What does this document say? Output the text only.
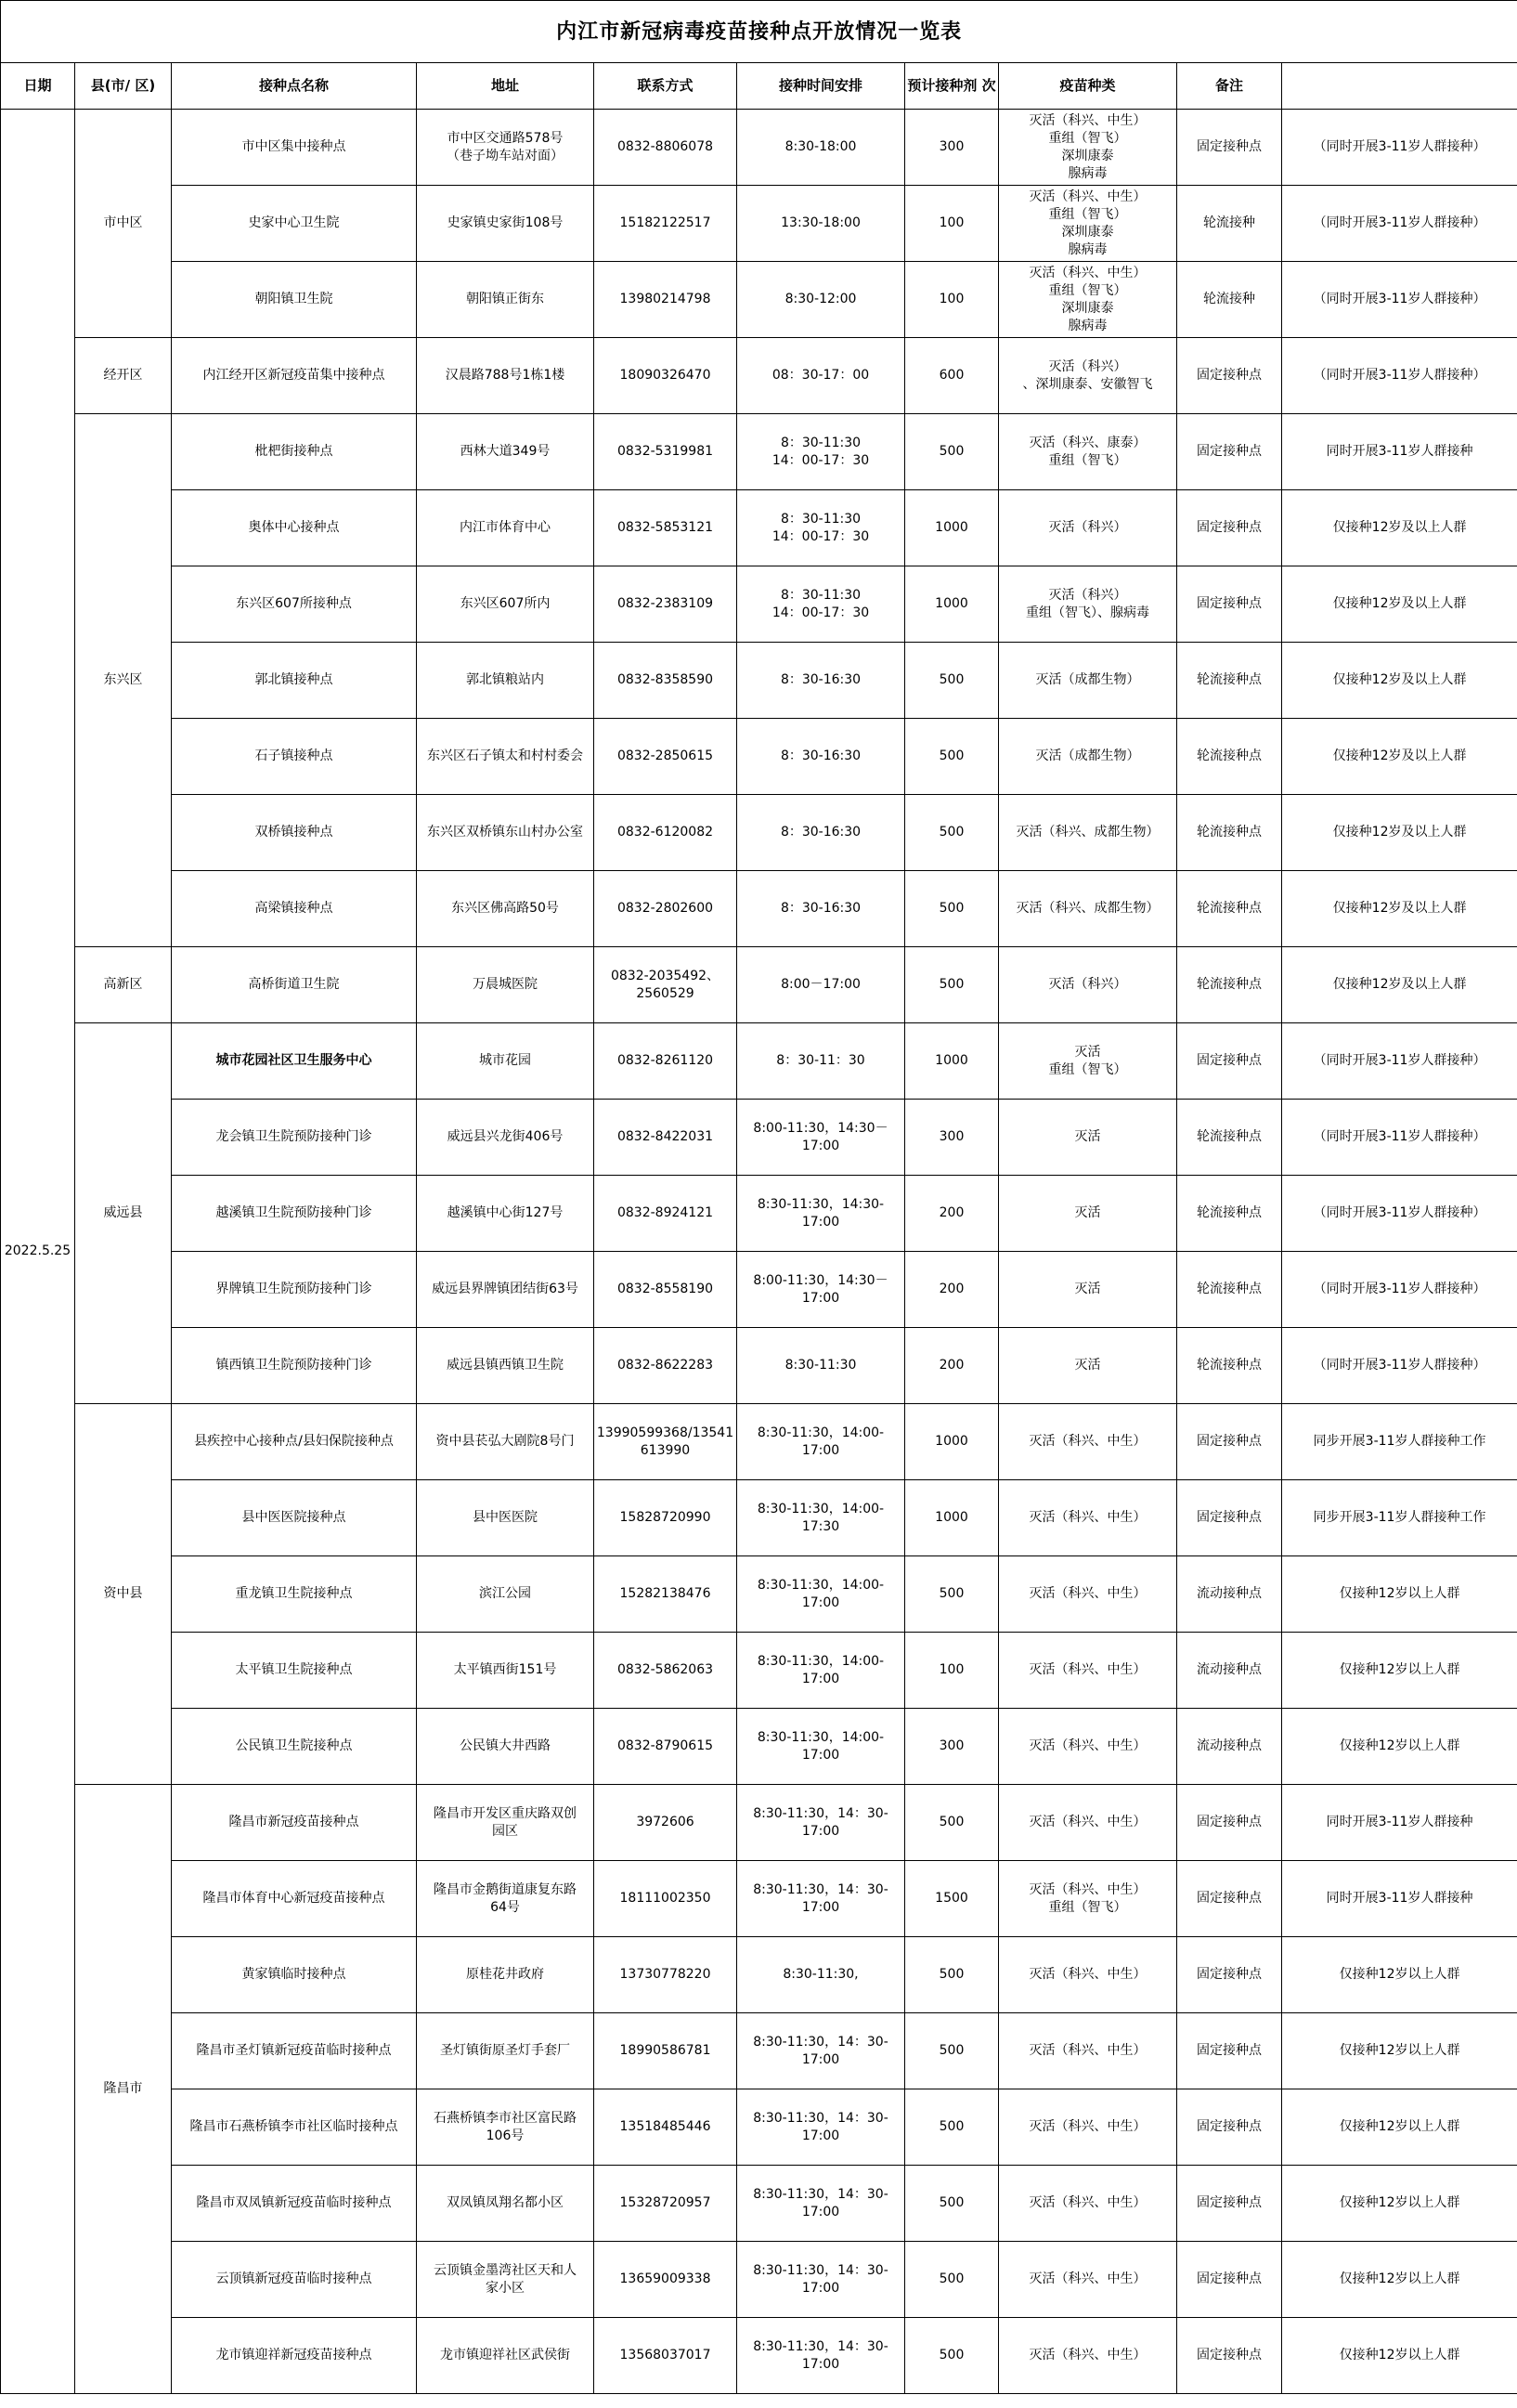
内江市新冠病毒疫苗接种点开放情况一览表									
日期	县(市/ 区)	接种点名称	地址	联系方式	接种时间安排	预计接种剂 次	疫苗种类	备注	
2022.5.25	市中区	市中区集中接种点	市中区交通路578号
（巷子坳车站对面）	0832-8806078	8:30-18:00	300	灭活（科兴、中生）
重组（智飞）
深圳康泰
腺病毒	固定接种点	（同时开展3-11岁人群接种）
		史家中心卫生院	史家镇史家街108号	15182122517	13:30-18:00	100	灭活（科兴、中生）
重组（智飞）
深圳康泰
腺病毒	轮流接种	（同时开展3-11岁人群接种）
		朝阳镇卫生院	朝阳镇正街东	13980214798	8:30-12:00	100	灭活（科兴、中生）
重组（智飞）
深圳康泰
腺病毒	轮流接种	（同时开展3-11岁人群接种）
	经开区	内江经开区新冠疫苗集中接种点	汉晨路788号1栋1楼	18090326470	08：30-17：00	600	灭活（科兴）
、深圳康泰、安徽智飞	固定接种点	（同时开展3-11岁人群接种）
	东兴区	枇杷街接种点	西林大道349号	0832-5319981	8：30-11:30
14：00-17：30	500	灭活（科兴、康泰）
重组（智飞）	固定接种点	同时开展3-11岁人群接种
		奥体中心接种点	内江市体育中心	0832-5853121	8：30-11:30
14：00-17：30	1000	灭活（科兴）	固定接种点	仅接种12岁及以上人群
		东兴区607所接种点	东兴区607所内	0832-2383109	8：30-11:30
14：00-17：30	1000	灭活（科兴）
重组（智飞）、腺病毒	固定接种点	仅接种12岁及以上人群
		郭北镇接种点	郭北镇粮站内	0832-8358590	8：30-16:30	500	灭活（成都生物）	轮流接种点	仅接种12岁及以上人群
		石子镇接种点	东兴区石子镇太和村村委会	0832-2850615	8：30-16:30	500	灭活（成都生物）	轮流接种点	仅接种12岁及以上人群
		双桥镇接种点	东兴区双桥镇东山村办公室	0832-6120082	8：30-16:30	500	灭活（科兴、成都生物）	轮流接种点	仅接种12岁及以上人群
		高梁镇接种点	东兴区佛高路50号	0832-2802600	8：30-16:30	500	灭活（科兴、成都生物）	轮流接种点	仅接种12岁及以上人群
	高新区	高桥街道卫生院	万晨城医院	0832-2035492、
2560529	8:00－17:00	500	灭活（科兴）	轮流接种点	仅接种12岁及以上人群
	威远县	城市花园社区卫生服务中心	城市花园	0832-8261120	8：30-11：30	1000	灭活
重组（智飞）	固定接种点	（同时开展3-11岁人群接种）
		龙会镇卫生院预防接种门诊	威远县兴龙街406号	0832-8422031	8:00-11:30，14:30－
17:00	300	灭活	轮流接种点	（同时开展3-11岁人群接种）
		越溪镇卫生院预防接种门诊	越溪镇中心街127号	0832-8924121	8:30-11:30，14:30-
17:00	200	灭活	轮流接种点	（同时开展3-11岁人群接种）
		界牌镇卫生院预防接种门诊	威远县界牌镇团结街63号	0832-8558190	8:00-11:30，14:30－
17:00	200	灭活	轮流接种点	（同时开展3-11岁人群接种）
		镇西镇卫生院预防接种门诊	威远县镇西镇卫生院	0832-8622283	8:30-11:30	200	灭活	轮流接种点	（同时开展3-11岁人群接种）
	资中县	县疾控中心接种点/县妇保院接种点	资中县苌弘大剧院8号门	13990599368/13541
613990	8:30-11:30，14:00-
17:00	1000	灭活（科兴、中生）	固定接种点	同步开展3-11岁人群接种工作
		县中医医院接种点	县中医医院	15828720990	8:30-11:30，14:00-
17:30	1000	灭活（科兴、中生）	固定接种点	同步开展3-11岁人群接种工作
		重龙镇卫生院接种点	滨江公园	15282138476	8:30-11:30，14:00-
17:00	500	灭活（科兴、中生）	流动接种点	仅接种12岁以上人群
		太平镇卫生院接种点	太平镇西街151号	0832-5862063	8:30-11:30，14:00-
17:00	100	灭活（科兴、中生）	流动接种点	仅接种12岁以上人群
		公民镇卫生院接种点	公民镇大井西路	0832-8790615	8:30-11:30，14:00-
17:00	300	灭活（科兴、中生）	流动接种点	仅接种12岁以上人群
	隆昌市	隆昌市新冠疫苗接种点	隆昌市开发区重庆路双创
园区	3972606	8:30-11:30，14：30-
17:00	500	灭活（科兴、中生）	固定接种点	同时开展3-11岁人群接种
		隆昌市体育中心新冠疫苗接种点	隆昌市金鹅街道康复东路
64号	18111002350	8:30-11:30，14：30-
17:00	1500	灭活（科兴、中生）
重组（智飞）	固定接种点	同时开展3-11岁人群接种
		黄家镇临时接种点	原桂花井政府	13730778220	8:30-11:30,	500	灭活（科兴、中生）	固定接种点	仅接种12岁以上人群
		隆昌市圣灯镇新冠疫苗临时接种点	圣灯镇街原圣灯手套厂	18990586781	8:30-11:30，14：30-
17:00	500	灭活（科兴、中生）	固定接种点	仅接种12岁以上人群
		隆昌市石燕桥镇李市社区临时接种点	石燕桥镇李市社区富民路
106号	13518485446	8:30-11:30，14：30-
17:00	500	灭活（科兴、中生）	固定接种点	仅接种12岁以上人群
		隆昌市双凤镇新冠疫苗临时接种点	双凤镇凤翔名都小区	15328720957	8:30-11:30，14：30-
17:00	500	灭活（科兴、中生）	固定接种点	仅接种12岁以上人群
		云顶镇新冠疫苗临时接种点	云顶镇金墨湾社区天和人
家小区	13659009338	8:30-11:30，14：30-
17:00	500	灭活（科兴、中生）	固定接种点	仅接种12岁以上人群
		龙市镇迎祥新冠疫苗接种点	龙市镇迎祥社区武侯街	13568037017	8:30-11:30，14：30-
17:00	500	灭活（科兴、中生）	固定接种点	仅接种12岁以上人群
